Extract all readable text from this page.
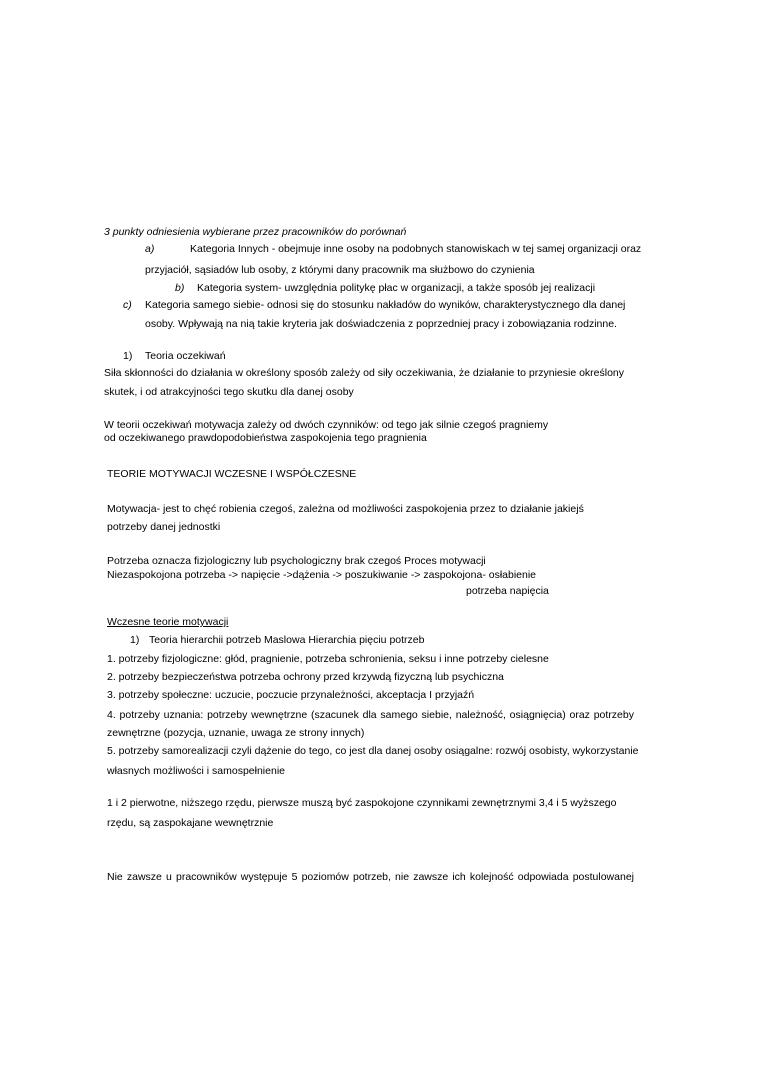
3 punkty odniesienia wybierane przez pracowników do porównań
a)	Kategoria Innych - obejmuje inne osoby na podobnych stanowiskach w tej samej organizacji oraz
przyjaciół, sąsiadów lub osoby, z którymi dany pracownik ma służbowo do czynienia
b) Kategoria system- uwzględnia politykę płac w organizacji, a także sposób jej realizacji
c) Kategoria samego siebie- odnosi się do stosunku nakładów do wyników, charakterystycznego dla danej
osoby. Wpływają na nią takie kryteria jak doświadczenia z poprzedniej pracy i zobowiązania rodzinne.
1) Teoria oczekiwań
Siła skłonności do działania w określony sposób zależy od siły oczekiwania, że działanie to przyniesie określony
skutek, i od atrakcyjności tego skutku dla danej osoby
W teorii oczekiwań motywacja zależy od dwóch czynników: od tego jak silnie czegoś pragniemy
od oczekiwanego prawdopodobieństwa zaspokojenia tego pragnienia
TEORIE MOTYWACJI WCZESNE I WSPÓŁCZESNE
Motywacja- jest to chęć robienia czegoś, zależna od możliwości zaspokojenia przez to działanie jakiejś
potrzeby danej jednostki
Potrzeba oznacza fizjologiczny lub psychologiczny brak czegoś Proces motywacji
Niezaspokojona potrzeba -> napięcie ->dążenia -> poszukiwanie -> zaspokojona- osłabienie
potrzeba napięcia
Wczesne teorie motywacji
1) Teoria hierarchii potrzeb Maslowa Hierarchia pięciu potrzeb
1. potrzeby fizjologiczne: głód, pragnienie, potrzeba schronienia, seksu i inne potrzeby cielesne
2. potrzeby bezpieczeństwa potrzeba ochrony przed krzywdą fizyczną lub psychiczna
3. potrzeby społeczne: uczucie, poczucie przynależności, akceptacja I przyjaźń
4. potrzeby uznania: potrzeby wewnętrzne (szacunek dla samego siebie, należność, osiągnięcia) oraz potrzeby
zewnętrzne (pozycja, uznanie, uwaga ze strony innych)
5. potrzeby samorealizacji czyli dążenie do tego, co jest dla danej osoby osiągalne: rozwój osobisty, wykorzystanie
własnych możliwości i samospełnienie
1 i 2 pierwotne, niższego rzędu, pierwsze muszą być zaspokojone czynnikami zewnętrznymi 3,4 i 5 wyższego
rzędu, są zaspokajane wewnętrznie
Nie zawsze u pracowników występuje 5 poziomów potrzeb, nie zawsze ich kolejność odpowiada postulowanej
